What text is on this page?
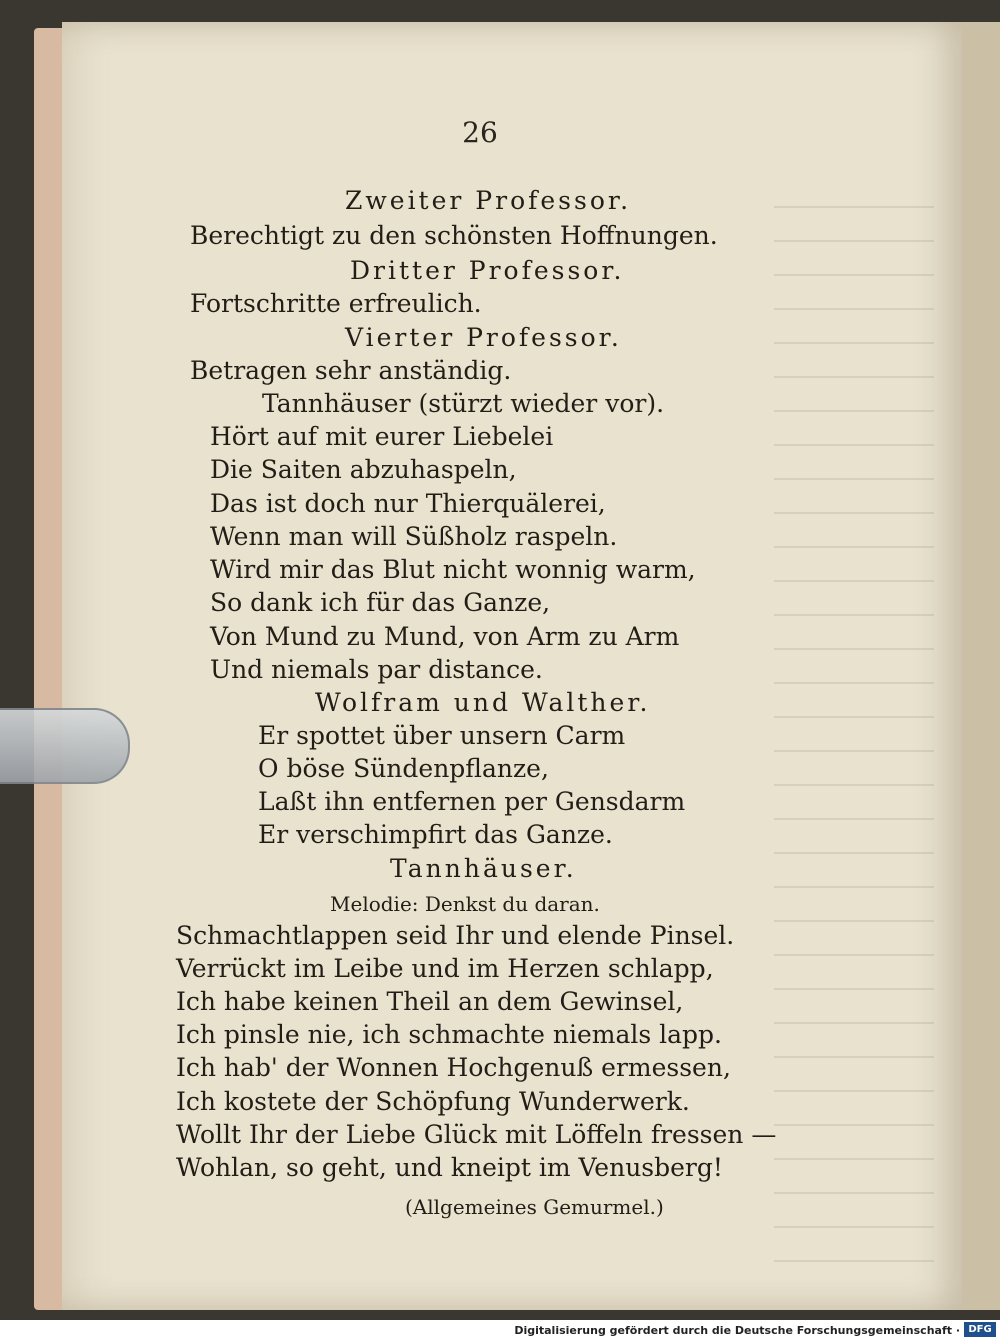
26
Zweiter Professor.
Berechtigt zu den schönsten Hoffnungen.
Dritter Professor.
Fortschritte erfreulich.
Vierter Professor.
Betragen sehr anständig.
Tannhäuser (stürzt wieder vor).
Hört auf mit eurer Liebelei
Die Saiten abzuhaspeln,
Das ist doch nur Thierquälerei,
Wenn man will Süßholz raspeln.
Wird mir das Blut nicht wonnig warm,
So dank ich für das Ganze,
Von Mund zu Mund, von Arm zu Arm
Und niemals par distance.
Wolfram und Walther.
Er spottet über unsern Carm
O böse Sündenpflanze,
Laßt ihn entfernen per Gensdarm
Er verschimpfirt das Ganze.
Tannhäuser.
Melodie: Denkst du daran.
Schmachtlappen seid Ihr und elende Pinsel.
Verrückt im Leibe und im Herzen schlapp,
Ich habe keinen Theil an dem Gewinsel,
Ich pinsle nie, ich schmachte niemals lapp.
Ich hab' der Wonnen Hochgenuß ermessen,
Ich kostete der Schöpfung Wunderwerk.
Wollt Ihr der Liebe Glück mit Löffeln fressen —
Wohlan, so geht, und kneipt im Venusberg!
(Allgemeines Gemurmel.)
Digitalisierung gefördert durch die Deutsche Forschungsgemeinschaft · DFG
